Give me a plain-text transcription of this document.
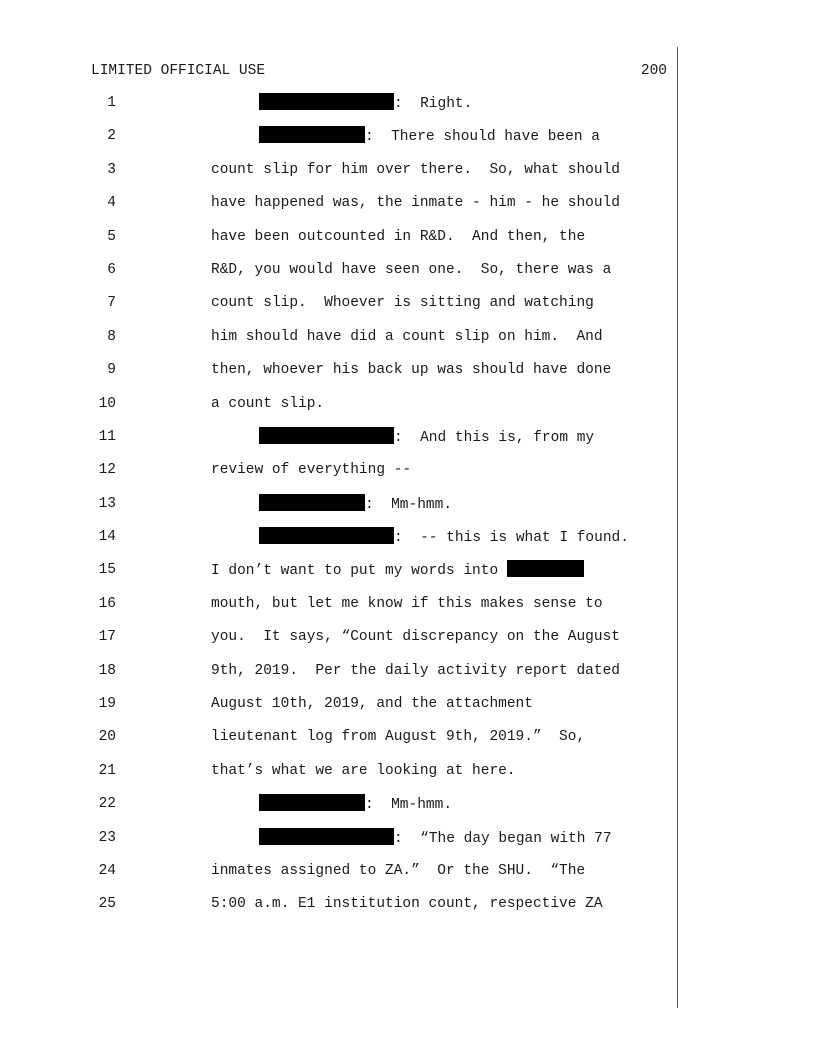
LIMITED OFFICIAL USE	200
1	:  Right.
2	:  There should have been a
3	count slip for him over there.  So, what should
4	have happened was, the inmate - him - he should
5	have been outcounted in R&D.  And then, the
6	R&D, you would have seen one.  So, there was a
7	count slip.  Whoever is sitting and watching
8	him should have did a count slip on him.  And
9	then, whoever his back up was should have done
10	a count slip.
11	:  And this is, from my
12	review of everything --
13	:  Mm-hmm.
14	:  -- this is what I found.
15	I don’t want to put my words into
16	mouth, but let me know if this makes sense to
17	you.  It says, “Count discrepancy on the August
18	9th, 2019.  Per the daily activity report dated
19	August 10th, 2019, and the attachment
20	lieutenant log from August 9th, 2019.”  So,
21	that’s what we are looking at here.
22	:  Mm-hmm.
23	:  “The day began with 77
24	inmates assigned to ZA.”  Or the SHU.  “The
25	5:00 a.m. E1 institution count, respective ZA
